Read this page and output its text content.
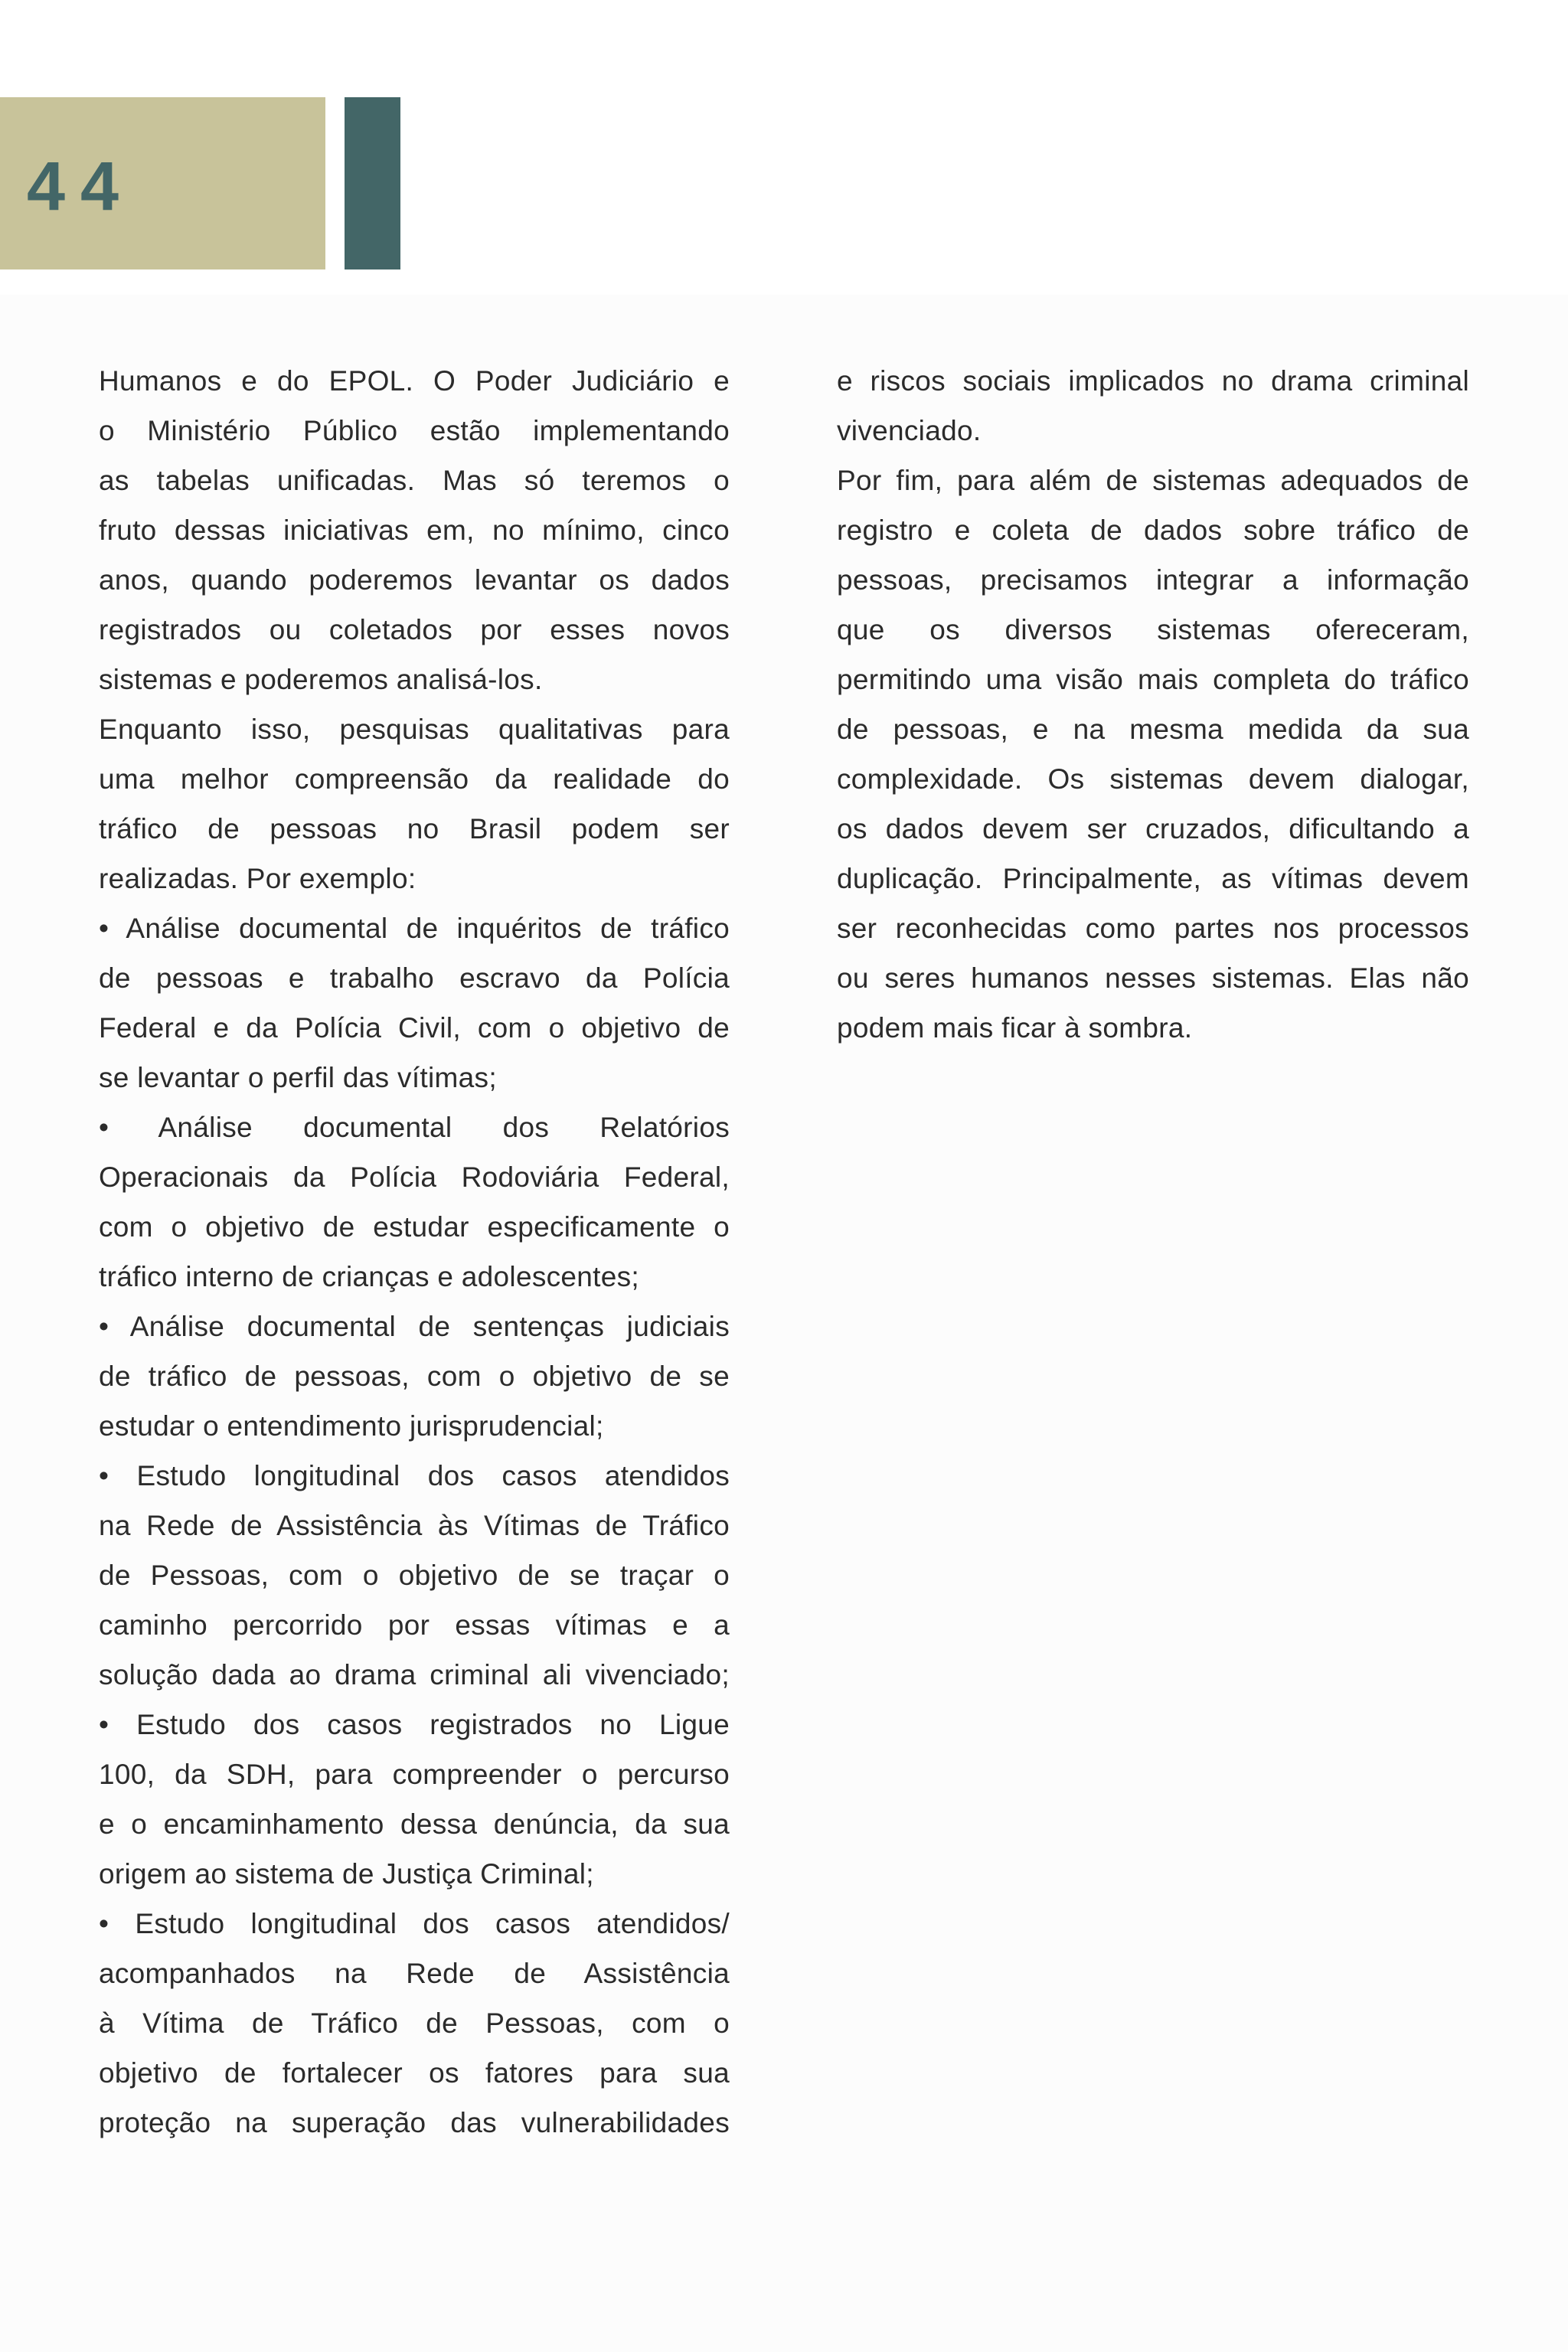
44
Humanos e do EPOL. O Poder Judiciário e
o Ministério Público estão implementando
as tabelas unificadas. Mas só teremos o
fruto dessas iniciativas em, no mínimo, cinco
anos, quando poderemos levantar os dados
registrados ou coletados por esses novos
sistemas e poderemos analisá-los.
Enquanto isso, pesquisas qualitativas para
uma melhor compreensão da realidade do
tráfico de pessoas no Brasil podem ser
realizadas. Por exemplo:
• Análise documental de inquéritos de tráfico
de pessoas e trabalho escravo da Polícia
Federal e da Polícia Civil, com o objetivo de
se levantar o perfil das vítimas;
• Análise documental dos Relatórios
Operacionais da Polícia Rodoviária Federal,
com o objetivo de estudar especificamente o
tráfico interno de crianças e adolescentes;
• Análise documental de sentenças judiciais
de tráfico de pessoas, com o objetivo de se
estudar o entendimento jurisprudencial;
• Estudo longitudinal dos casos atendidos
na Rede de Assistência às Vítimas de Tráfico
de Pessoas, com o objetivo de se traçar o
caminho percorrido por essas vítimas e a
solução dada ao drama criminal ali vivenciado;
• Estudo dos casos registrados no Ligue
100, da SDH, para compreender o percurso
e o encaminhamento dessa denúncia, da sua
origem ao sistema de Justiça Criminal;
• Estudo longitudinal dos casos atendidos/
acompanhados na Rede de Assistência
à Vítima de Tráfico de Pessoas, com o
objetivo de fortalecer os fatores para sua
proteção na superação das vulnerabilidades
e riscos sociais implicados no drama criminal
vivenciado.
Por fim, para além de sistemas adequados de
registro e coleta de dados sobre tráfico de
pessoas, precisamos integrar a informação
que os diversos sistemas ofereceram,
permitindo uma visão mais completa do tráfico
de pessoas, e na mesma medida da sua
complexidade. Os sistemas devem dialogar,
os dados devem ser cruzados, dificultando a
duplicação. Principalmente, as vítimas devem
ser reconhecidas como partes nos processos
ou seres humanos nesses sistemas. Elas não
podem mais ficar à sombra.
